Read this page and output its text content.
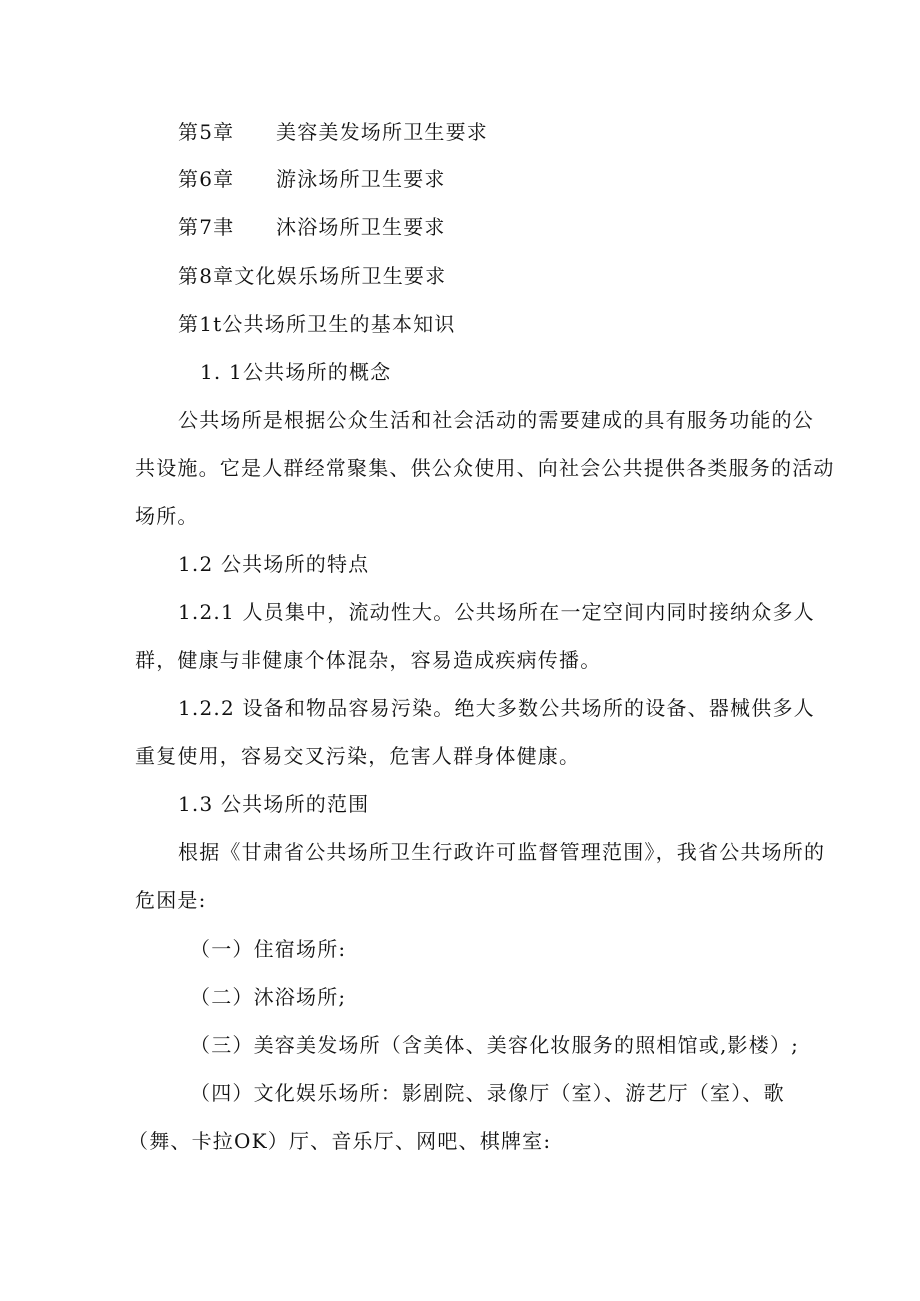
第5章 美容美发场所卫生要求
第6章 游泳场所卫生要求
第7聿 沐浴场所卫生要求
第8章文化娱乐场所卫生要求
第1t公共场所卫生的基本知识
1. 1公共场所的概念
公共场所是根据公众生活和社会活动的需要建成的具有服务功能的公
共设施。它是人群经常聚集、供公众使用、向社会公共提供各类服务的活动
场所。
1.2 公共场所的特点
1.2.1 人员集中，流动性大。公共场所在一定空间内同时接纳众多人
群，健康与非健康个体混杂，容易造成疾病传播。
1.2.2 设备和物品容易污染。绝大多数公共场所的设备、器械供多人
重复使用，容易交叉污染，危害人群身体健康。
1.3 公共场所的范围
根据《甘肃省公共场所卫生行政许可监督管理范围》，我省公共场所的
危困是:
（一）住宿场所:
（二）沐浴场所;
（三）美容美发场所（含美体、美容化妆服务的照相馆或,影楼）;
（四）文化娱乐场所：影剧院、录像厅（室）、游艺厅（室）、歌
（舞、卡拉OK）厅、音乐厅、网吧、棋牌室:
